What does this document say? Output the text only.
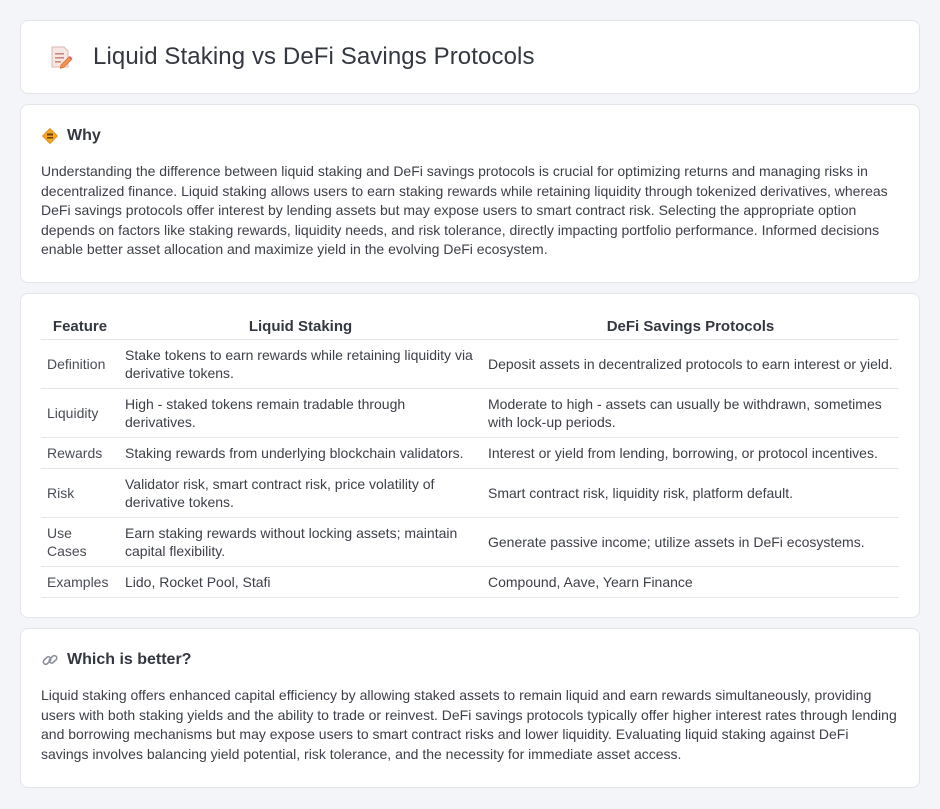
Liquid Staking vs DeFi Savings Protocols
Why

Understanding the difference between liquid staking and DeFi savings protocols is crucial for optimizing returns and managing risks in decentralized finance. Liquid staking allows users to earn staking rewards while retaining liquidity through tokenized derivatives, whereas DeFi savings protocols offer interest by lending assets but may expose users to smart contract risk. Selecting the appropriate option depends on factors like staking rewards, liquidity needs, and risk tolerance, directly impacting portfolio performance. Informed decisions enable better asset allocation and maximize yield in the evolving DeFi ecosystem.

Feature	Liquid Staking	DeFi Savings Protocols
Definition	Stake tokens to earn rewards while retaining liquidity via derivative tokens.	Deposit assets in decentralized protocols to earn interest or yield.
Liquidity	High - staked tokens remain tradable through derivatives.	Moderate to high - assets can usually be withdrawn, sometimes with lock-up periods.
Rewards	Staking rewards from underlying blockchain validators.	Interest or yield from lending, borrowing, or protocol incentives.
Risk	Validator risk, smart contract risk, price volatility of derivative tokens.	Smart contract risk, liquidity risk, platform default.
Use Cases	Earn staking rewards without locking assets; maintain capital flexibility.	Generate passive income; utilize assets in DeFi ecosystems.
Examples	Lido, Rocket Pool, Stafi	Compound, Aave, Yearn Finance
Which is better?

Liquid staking offers enhanced capital efficiency by allowing staked assets to remain liquid and earn rewards simultaneously, providing users with both staking yields and the ability to trade or reinvest. DeFi savings protocols typically offer higher interest rates through lending and borrowing mechanisms but may expose users to smart contract risks and lower liquidity. Evaluating liquid staking against DeFi savings involves balancing yield potential, risk tolerance, and the necessity for immediate asset access.
